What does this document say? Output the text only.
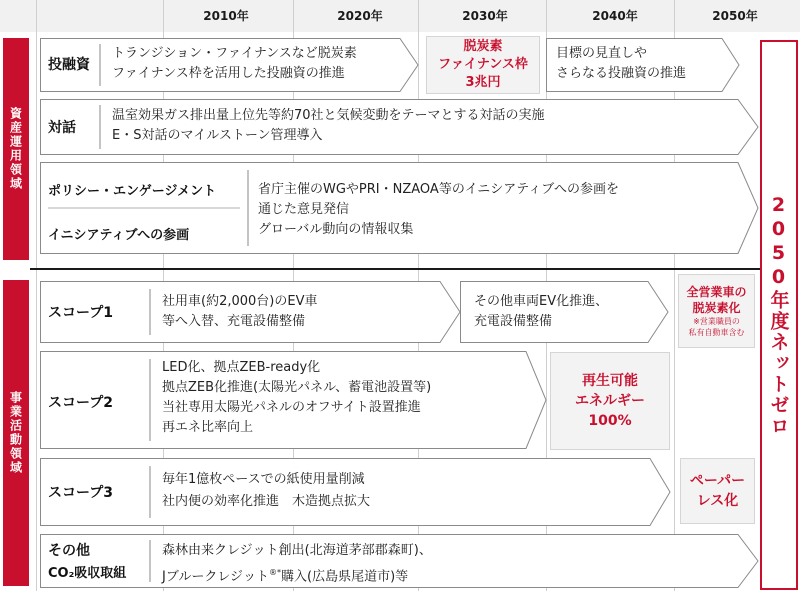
2010年	2020年	2030年	2040年	2050年
資産運用領域
事業活動領域
投融資
トランジション・ファイナンスなど脱炭素
ファイナンス枠を活用した投融資の推進
脱炭素
ファイナンス枠
3兆円
目標の見直しや
さらなる投融資の推進
対話
温室効果ガス排出量上位先等約70社と気候変動をテーマとする対話の実施
E・S対話のマイルストーン管理導入
ポリシー・エンゲージメント
イニシアティブへの参画
省庁主催のWGやPRI・NZAOA等のイニシアティブへの参画を
通じた意見発信
グローバル動向の情報収集
スコープ1
社用車(約2,000台)のEV車
等へ入替、充電設備整備
その他車両EV化推進、
充電設備整備
全営業車の
脱炭素化
※営業職員の
私有自動車含む
スコープ2
LED化、拠点ZEB-ready化
拠点ZEB化推進(太陽光パネル、蓄電池設置等)
当社専用太陽光パネルのオフサイト設置推進
再エネ比率向上
再生可能
エネルギー
100%
スコープ3
毎年1億枚ペースでの紙使用量削減
社内便の効率化推進　木造拠点拡大
ペーパー
レス化
その他
CO₂吸収取組
森林由来クレジット創出(北海道茅部郡森町)、
Jブルークレジット®*購入(広島県尾道市)等
2050年度ネットゼロ
